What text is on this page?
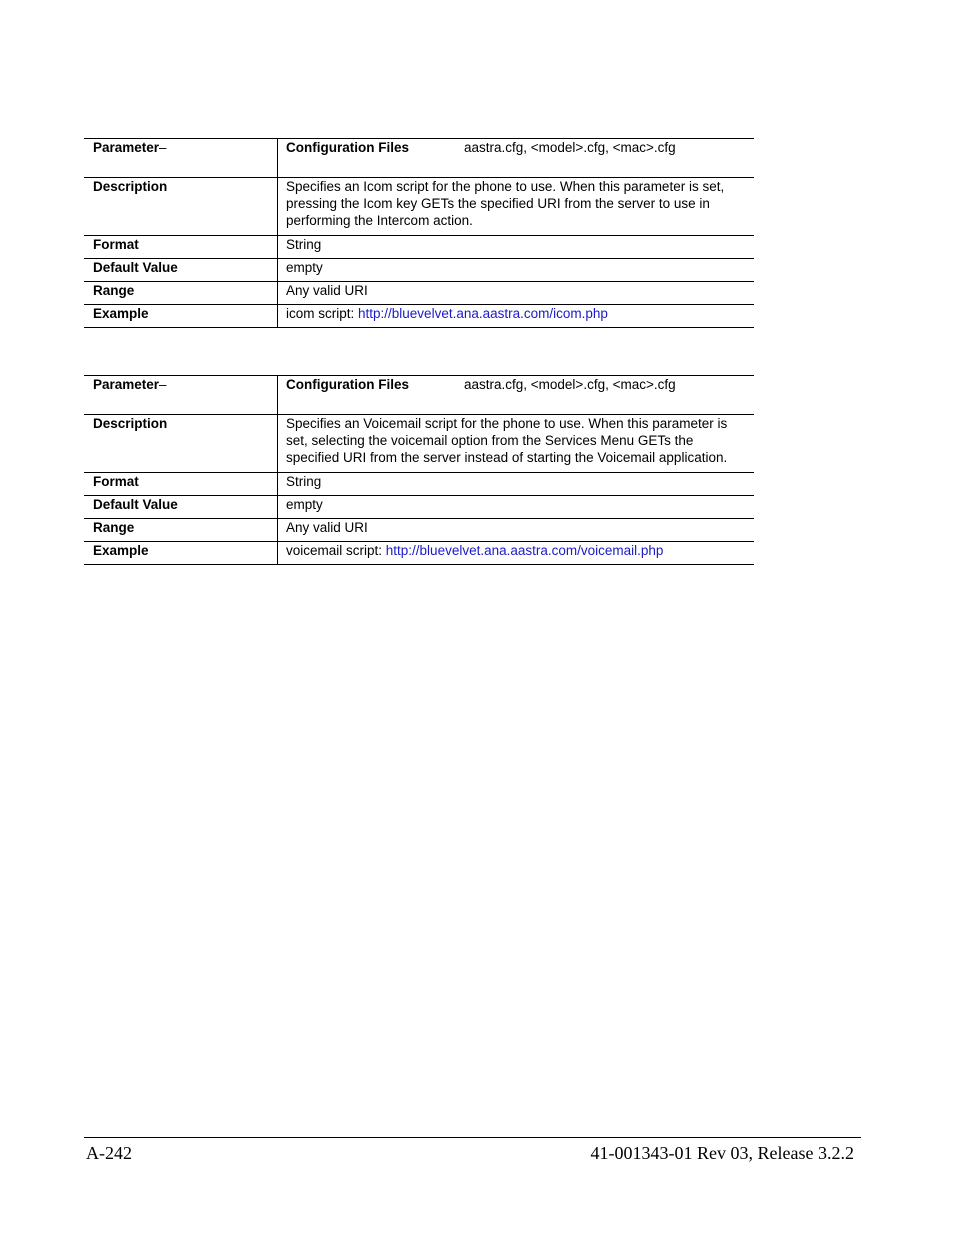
Parameter–	Configuration Files aastra.cfg, <model>.cfg, <mac>.cfg
Description	Specifies an Icom script for the phone to use. When this parameter is set, pressing the Icom key GETs the specified URI from the server to use in performing the Intercom action.
Format	String
Default Value	empty
Range	Any valid URI
Example	icom script: http://bluevelvet.ana.aastra.com/icom.php
Parameter–	Configuration Files aastra.cfg, <model>.cfg, <mac>.cfg
Description	Specifies an Voicemail script for the phone to use. When this parameter is set, selecting the voicemail option from the Services Menu GETs the specified URI from the server instead of starting the Voicemail application.
Format	String
Default Value	empty
Range	Any valid URI
Example	voicemail script: http://bluevelvet.ana.aastra.com/voicemail.php
A-242	41-001343-01 Rev 03, Release 3.2.2
